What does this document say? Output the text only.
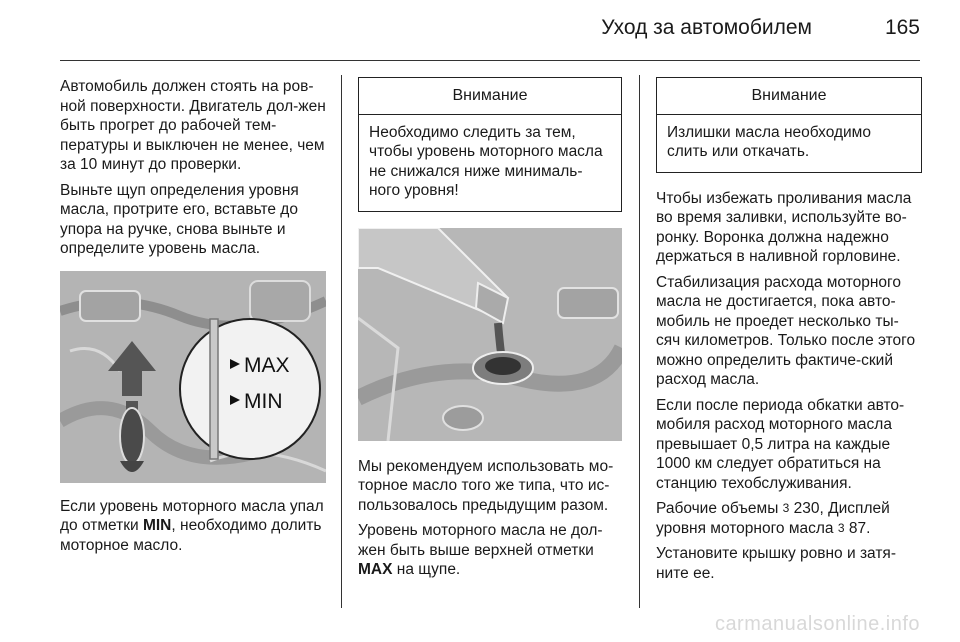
Уход за автомобилем	165

Автомобиль должен стоять на ров-ной поверхности. Двигатель дол-жен быть прогрет до рабочей тем-пературы и выключен не менее, чем за 10 минут до проверки.

Выньте щуп определения уровня масла, протрите его, вставьте до упора на ручке, снова выньте и определите уровень масла.

MAX
MIN

Если уровень моторного масла упал до отметки MIN, необходимо долить моторное масло.

Внимание
Необходимо следить за тем, чтобы уровень моторного масла не снижался ниже минималь-ного уровня!

Мы рекомендуем использовать мо-торное масло того же типа, что ис-пользовалось предыдущим разом.

Уровень моторного масла не дол-жен быть выше верхней отметки MAX на щупе.

Внимание
Излишки масла необходимо слить или откачать.

Чтобы избежать проливания масла во время заливки, используйте во-ронку. Воронка должна надежно держаться в наливной горловине.

Стабилизация расхода моторного масла не достигается, пока авто-мобиль не проедет несколько ты-сяч километров. Только после этого можно определить фактиче-ский расход масла.

Если после периода обкатки авто-мобиля расход моторного масла превышает 0,5 литра на каждые 1000 км следует обратиться на станцию техобслуживания.

Рабочие объемы 3 230, Дисплей уровня моторного масла 3 87.

Установите крышку ровно и затя-ните ее.

carmanualsonline.info
